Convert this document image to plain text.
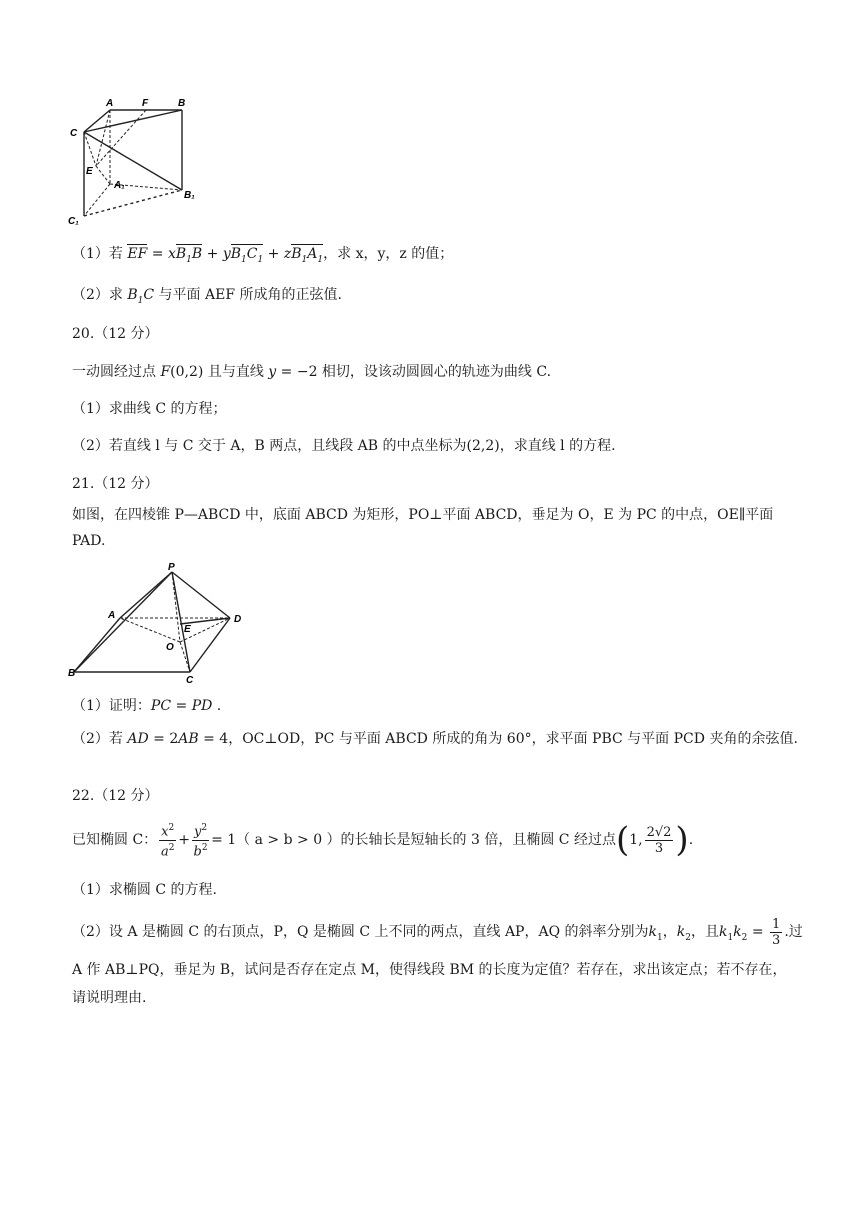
A	F	B
C
E
A₁
B₁
C₁
（1）若 EF = $xB_1B + yB_1C_1 + zB_1A_1$，求 x，y，z 的值；
（2）求 $B_1C$ 与平面 AEF 所成角的正弦值.
20.（12 分）
一动圆经过点 F(0,2) 且与直线 y = −2 相切，设该动圆圆心的轨迹为曲线 C.
（1）求曲线 C 的方程；
（2）若直线 l 与 C 交于 A，B 两点，且线段 AB 的中点坐标为(2,2)，求直线 l 的方程.
21.（12 分）
如图，在四棱锥 P—ABCD 中，底面 ABCD 为矩形，PO⊥平面 ABCD，垂足为 O，E 为 PC 的中点，OE∥平面 PAD.
P
A	D
E
O
B
C
（1）证明：PC = PD .
（2）若 AD = 2AB = 4，OC⊥OD，PC 与平面 ABCD 所成的角为 60°，求平面 PBC 与平面 PCD 夹角的余弦值.
22.（12 分）
已知椭圆 C： $\frac{x^2}{a^2} + \frac{y^2}{b^2} = 1$（ a > b > 0 ）的长轴长是短轴长的 3 倍，且椭圆 C 经过点(1, $\frac{2√2}{3}$ ).
（1）求椭圆 C 的方程.
（2）设 A 是椭圆 C 的右顶点，P，Q 是椭圆 C 上不同的两点，直线 AP，AQ 的斜率分别为$k_1$，$k_2$，且$k_1k_2 = \frac{1}{3}$ .过
A 作 AB⊥PQ，垂足为 B，试问是否存在定点 M，使得线段 BM 的长度为定值？若存在，求出该定点；若不存在，请说明理由.
